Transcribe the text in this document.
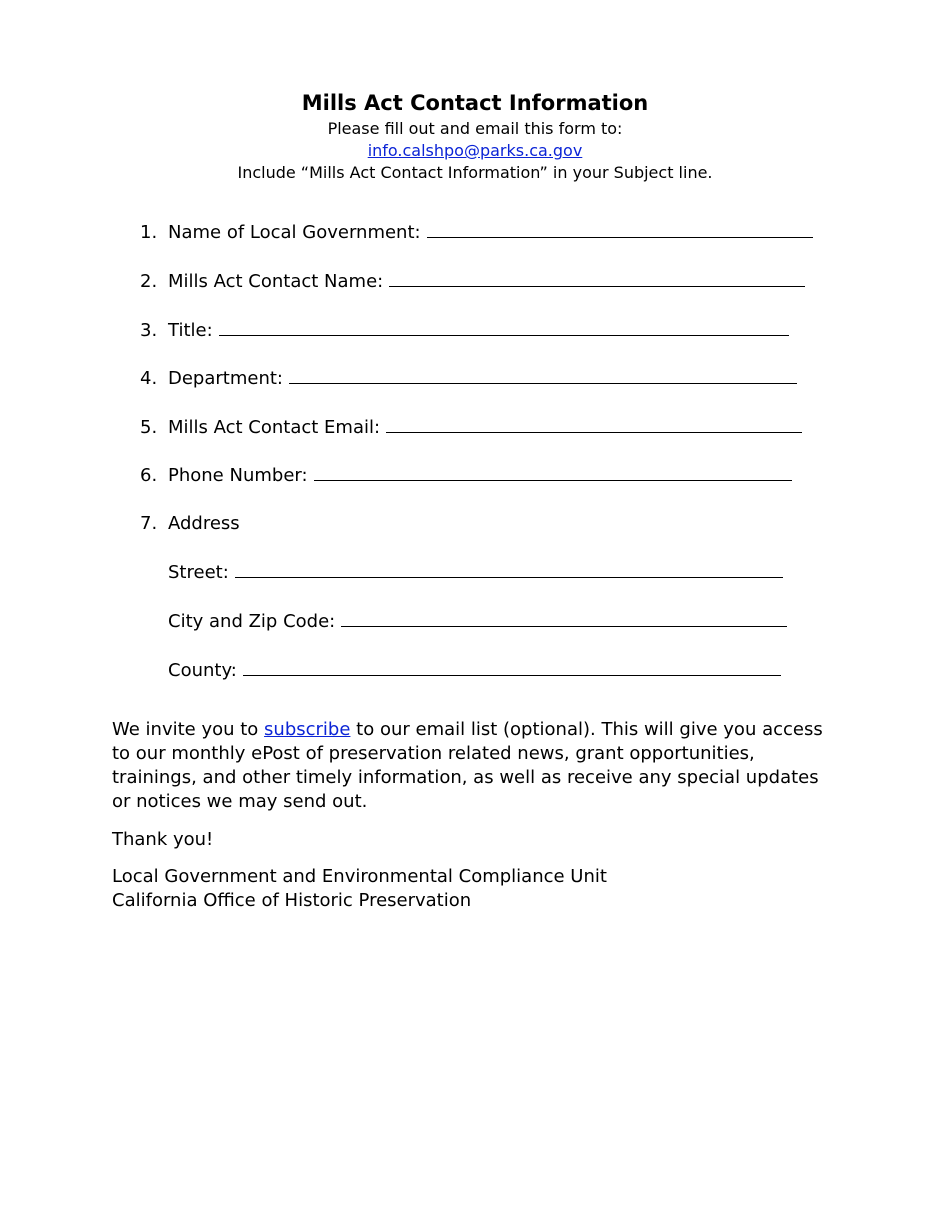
Mills Act Contact Information
Please fill out and email this form to:
info.calshpo@parks.ca.gov
Include “Mills Act Contact Information” in your Subject line.
1. Name of Local Government:
2. Mills Act Contact Name:
3. Title:
4. Department:
5. Mills Act Contact Email:
6. Phone Number:
7. Address
Street:
City and Zip Code:
County:
We invite you to subscribe to our email list (optional). This will give you access to our monthly ePost of preservation related news, grant opportunities, trainings, and other timely information, as well as receive any special updates or notices we may send out.
Thank you!
Local Government and Environmental Compliance Unit
California Office of Historic Preservation
